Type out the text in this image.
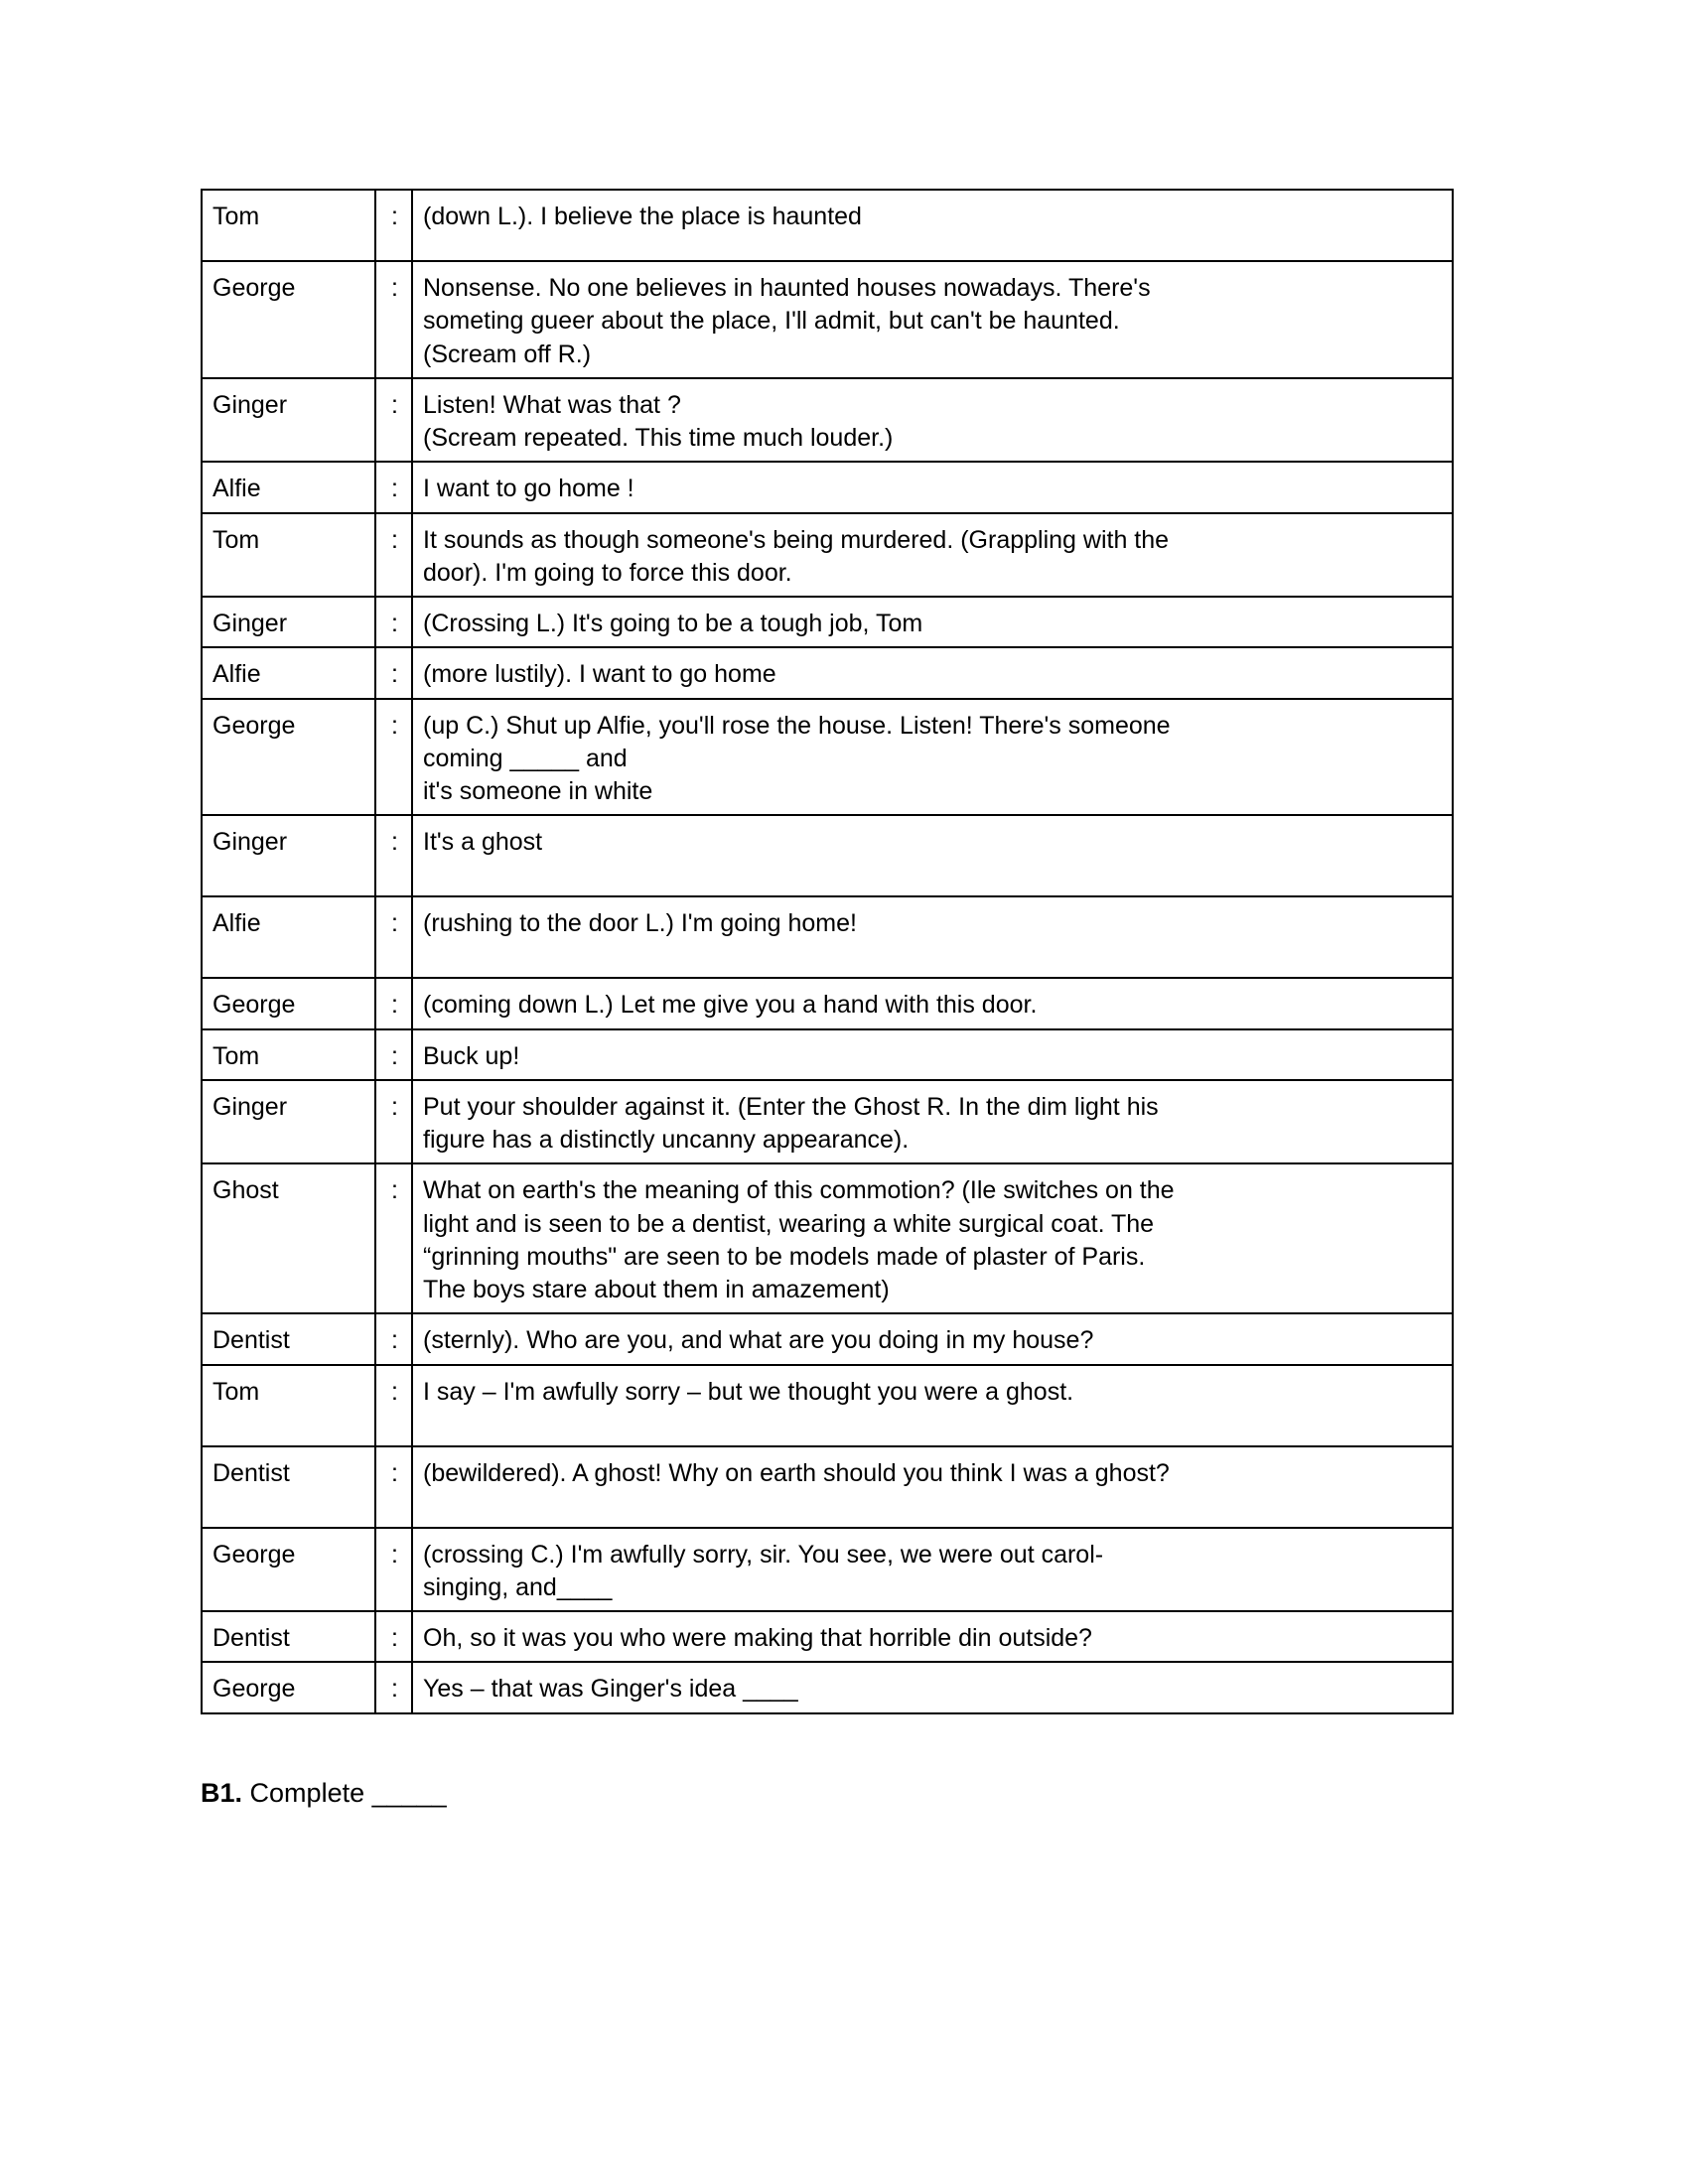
Tom	:	(down L.). I believe the place is haunted

George	:	Nonsense. No one believes in haunted houses nowadays. There's
someting gueer about the place, I'll admit, but can't be haunted.
(Scream off R.)

Ginger	:	Listen! What was that ?
(Scream repeated. This time much louder.)

Alfie	:	I want to go home !

Tom	:	It sounds as though someone's being murdered. (Grappling with the
door). I'm going to force this door.

Ginger	:	(Crossing L.) It's going to be a tough job, Tom

Alfie	:	(more lustily). I want to go home

George	:	(up C.) Shut up Alfie, you'll rose the house. Listen! There's someone
coming _____ and
it's someone in white

Ginger	:	It's a ghost

Alfie	:	(rushing to the door L.) I'm going home!

George	:	(coming down L.) Let me give you a hand with this door.

Tom	:	Buck up!

Ginger	:	Put your shoulder against it. (Enter the Ghost R. In the dim light his
figure has a distinctly uncanny appearance).

Ghost	:	What on earth's the meaning of this commotion? (Ile switches on the
light and is seen to be a dentist, wearing a white surgical coat. The
“grinning mouths" are seen to be models made of plaster of Paris.
The boys stare about them in amazement)

Dentist	:	(sternly). Who are you, and what are you doing in my house?

Tom	:	I say – I'm awfully sorry – but we thought you were a ghost.

Dentist	:	(bewildered). A ghost! Why on earth should you think I was a ghost?

George	:	(crossing C.) I'm awfully sorry, sir. You see, we were out carol-
singing, and____

Dentist	:	Oh, so it was you who were making that horrible din outside?

George	:	Yes – that was Ginger's idea ____
B1. Complete _____
